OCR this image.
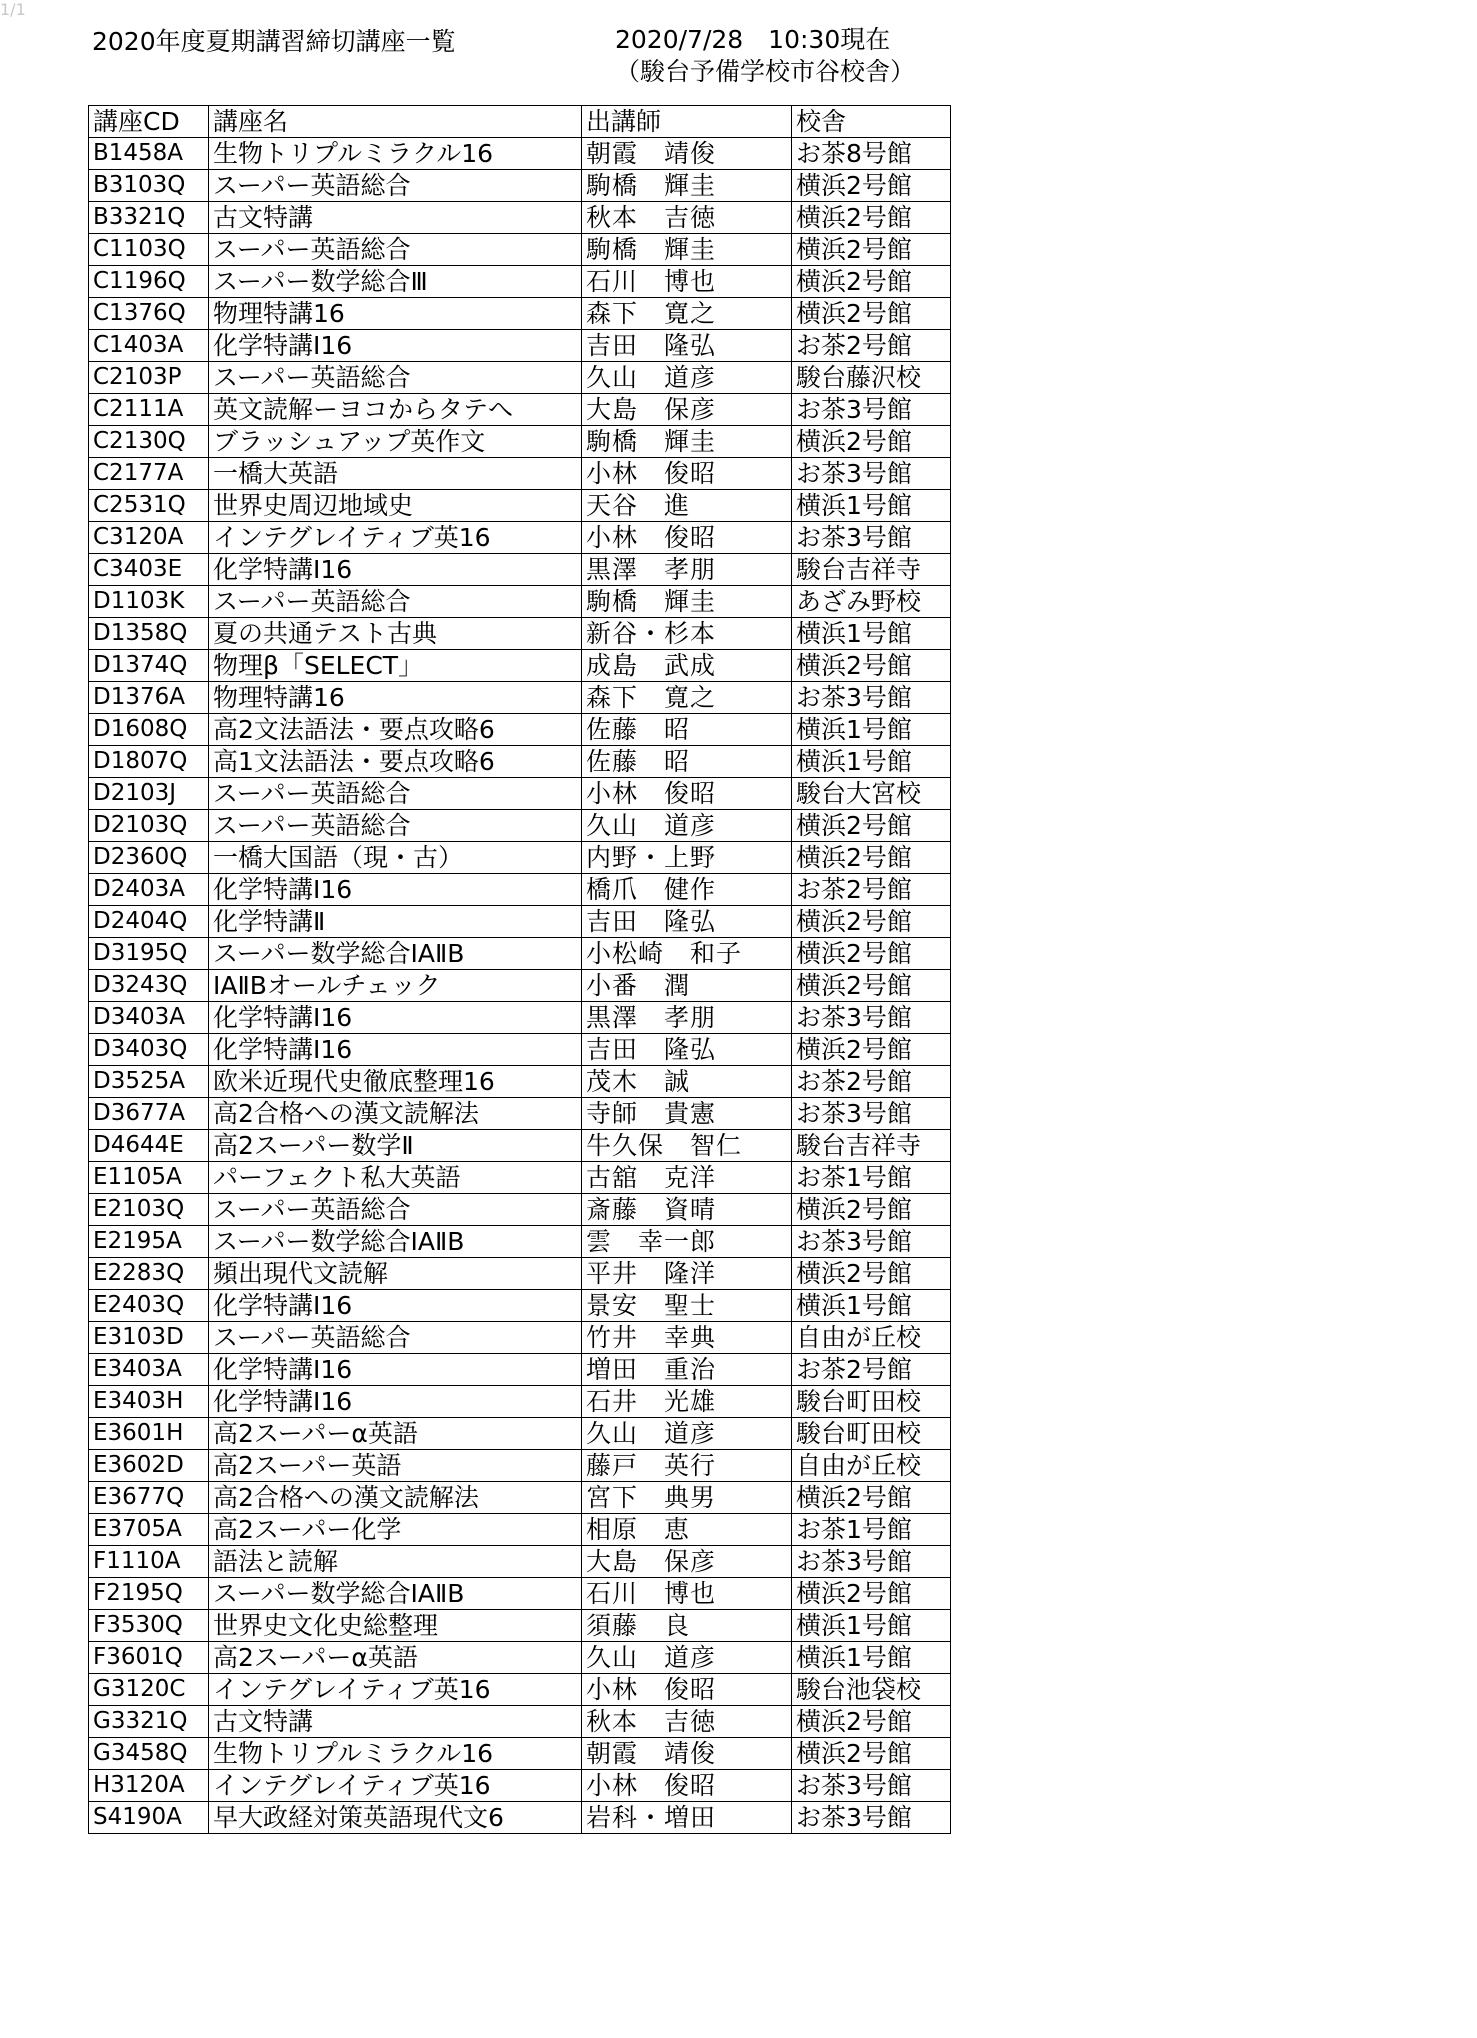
1/1
2020年度夏期講習締切講座一覧	2020/7/28　10:30現在
（駿台予備学校市谷校舎）
講座CD	講座名	出講師	校舎
B1458A	生物トリプルミラクル16	朝霞　靖俊	お茶8号館
B3103Q	スーパー英語総合	駒橋　輝圭	横浜2号館
B3321Q	古文特講	秋本　吉徳	横浜2号館
C1103Q	スーパー英語総合	駒橋　輝圭	横浜2号館
C1196Q	スーパー数学総合Ⅲ	石川　博也	横浜2号館
C1376Q	物理特講16	森下　寛之	横浜2号館
C1403A	化学特講Ⅰ16	吉田　隆弘	お茶2号館
C2103P	スーパー英語総合	久山　道彦	駿台藤沢校
C2111A	英文読解ーヨコからタテへ	大島　保彦	お茶3号館
C2130Q	ブラッシュアップ英作文	駒橋　輝圭	横浜2号館
C2177A	一橋大英語	小林　俊昭	お茶3号館
C2531Q	世界史周辺地域史	天谷　進	横浜1号館
C3120A	インテグレイティブ英16	小林　俊昭	お茶3号館
C3403E	化学特講Ⅰ16	黒澤　孝朋	駿台吉祥寺
D1103K	スーパー英語総合	駒橋　輝圭	あざみ野校
D1358Q	夏の共通テスト古典	新谷・杉本	横浜1号館
D1374Q	物理β「SELECT」	成島　武成	横浜2号館
D1376A	物理特講16	森下　寛之	お茶3号館
D1608Q	高2文法語法・要点攻略6	佐藤　昭	横浜1号館
D1807Q	高1文法語法・要点攻略6	佐藤　昭	横浜1号館
D2103J	スーパー英語総合	小林　俊昭	駿台大宮校
D2103Q	スーパー英語総合	久山　道彦	横浜2号館
D2360Q	一橋大国語（現・古）	内野・上野	横浜2号館
D2403A	化学特講Ⅰ16	橋爪　健作	お茶2号館
D2404Q	化学特講Ⅱ	吉田　隆弘	横浜2号館
D3195Q	スーパー数学総合ⅠAⅡB	小松崎　和子	横浜2号館
D3243Q	ⅠAⅡBオールチェック	小番　潤	横浜2号館
D3403A	化学特講Ⅰ16	黒澤　孝朋	お茶3号館
D3403Q	化学特講Ⅰ16	吉田　隆弘	横浜2号館
D3525A	欧米近現代史徹底整理16	茂木　誠	お茶2号館
D3677A	高2合格への漢文読解法	寺師　貴憲	お茶3号館
D4644E	高2スーパー数学Ⅱ	牛久保　智仁	駿台吉祥寺
E1105A	パーフェクト私大英語	古舘　克洋	お茶1号館
E2103Q	スーパー英語総合	斎藤　資晴	横浜2号館
E2195A	スーパー数学総合ⅠAⅡB	雲　幸一郎	お茶3号館
E2283Q	頻出現代文読解	平井　隆洋	横浜2号館
E2403Q	化学特講Ⅰ16	景安　聖士	横浜1号館
E3103D	スーパー英語総合	竹井　幸典	自由が丘校
E3403A	化学特講Ⅰ16	増田　重治	お茶2号館
E3403H	化学特講Ⅰ16	石井　光雄	駿台町田校
E3601H	高2スーパーα英語	久山　道彦	駿台町田校
E3602D	高2スーパー英語	藤戸　英行	自由が丘校
E3677Q	高2合格への漢文読解法	宮下　典男	横浜2号館
E3705A	高2スーパー化学	相原　恵	お茶1号館
F1110A	語法と読解	大島　保彦	お茶3号館
F2195Q	スーパー数学総合ⅠAⅡB	石川　博也	横浜2号館
F3530Q	世界史文化史総整理	須藤　良	横浜1号館
F3601Q	高2スーパーα英語	久山　道彦	横浜1号館
G3120C	インテグレイティブ英16	小林　俊昭	駿台池袋校
G3321Q	古文特講	秋本　吉徳	横浜2号館
G3458Q	生物トリプルミラクル16	朝霞　靖俊	横浜2号館
H3120A	インテグレイティブ英16	小林　俊昭	お茶3号館
S4190A	早大政経対策英語現代文6	岩科・増田	お茶3号館
